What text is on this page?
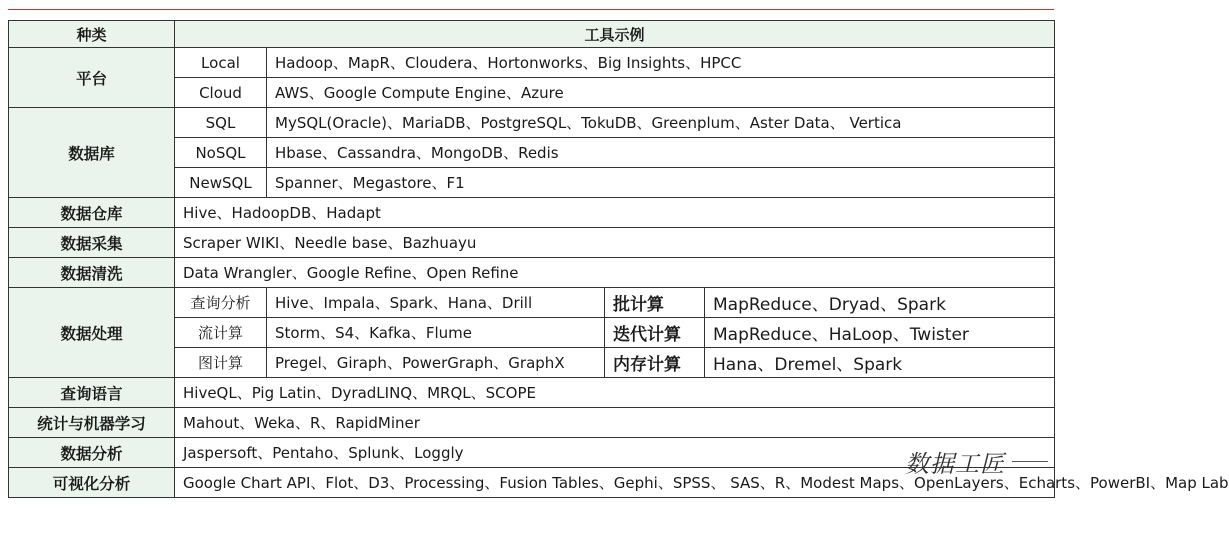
种类	工具示例			
平台	Local	Hadoop、MapR、Cloudera、Hortonworks、Big Insights、HPCC		
	Cloud	AWS、Google Compute Engine、Azure		
数据库	SQL	MySQL(Oracle)、MariaDB、PostgreSQL、TokuDB、Greenplum、Aster Data、 Vertica		
	NoSQL	Hbase、Cassandra、MongoDB、Redis		
	NewSQL	Spanner、Megastore、F1		
数据仓库	Hive、HadoopDB、Hadapt			
数据采集	Scraper WIKI、Needle base、Bazhuayu			
数据清洗	Data Wrangler、Google Refine、Open Refine			
数据处理	查询分析	Hive、Impala、Spark、Hana、Drill	批计算	MapReduce、Dryad、Spark
	流计算	Storm、S4、Kafka、Flume	迭代计算	MapReduce、HaLoop、Twister
	图计算	Pregel、Giraph、PowerGraph、GraphX	内存计算	Hana、Dremel、Spark
查询语言	HiveQL、Pig Latin、DyradLINQ、MRQL、SCOPE			
统计与机器学习	Mahout、Weka、R、RapidMiner			
数据分析	Jaspersoft、Pentaho、Splunk、Loggly			
可视化分析	Google Chart API、Flot、D3、Processing、Fusion Tables、Gephi、SPSS、 SAS、R、Modest Maps、OpenLayers、Echarts、PowerBI、Map Lab			
数据工匠
